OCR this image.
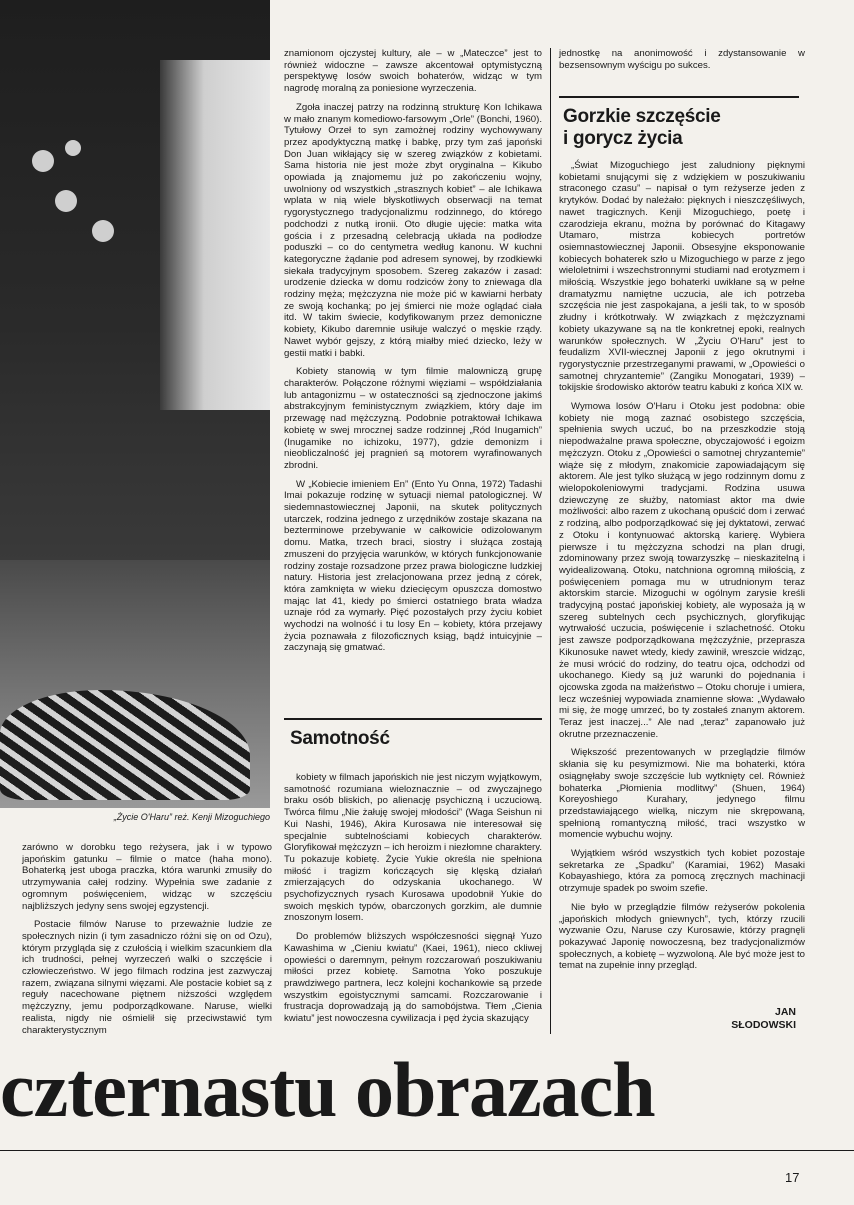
„Życie O'Haru” reż. Kenji Mizoguchiego

zarówno w dorobku tego reżysera, jak i w typowo japońskim gatunku – filmie o matce (haha mono). Bohaterką jest uboga praczka, która warunki zmusiły do utrzymywania całej rodziny. Wypełnia swe zadanie z ogromnym poświęceniem, widząc w szczęściu najbliższych jedyny sens swojej egzystencji.

Postacie filmów Naruse to przeważnie ludzie ze społecznych nizin (i tym zasadniczo różni się on od Ozu), którym przygląda się z czułością i wielkim szacunkiem dla ich trudności, pełnej wyrzeczeń walki o szczęście i człowieczeństwo. W jego filmach rodzina jest zazwyczaj razem, związana silnymi więzami. Ale postacie kobiet są z reguły nacechowane piętnem niższości względem mężczyzny, jemu podporządkowane. Naruse, wielki realista, nigdy nie ośmielił się przeciwstawić tym charakterystycznym

znamionom ojczystej kultury, ale – w „Mateczce” jest to również widoczne – zawsze akcentował optymistyczną perspektywę losów swoich bohaterów, widząc w tym nagrodę moralną za poniesione wyrzeczenia.

Zgoła inaczej patrzy na rodzinną strukturę Kon Ichikawa w mało znanym komediowo-farsowym „Orle” (Bonchi, 1960). Tytułowy Orzeł to syn zamożnej rodziny wychowywany przez apodyktyczną matkę i babkę, przy tym zaś japoński Don Juan wikłający się w szereg związków z kobietami. Sama historia nie jest może zbyt oryginalna – Kikubo opowiada ją znajomemu już po zakończeniu wojny, uwolniony od wszystkich „strasznych kobiet” – ale Ichikawa wplata w nią wiele błyskotliwych obserwacji na temat rygorystycznego tradycjonalizmu rodzinnego, do którego podchodzi z nutką ironii. Oto długie ujęcie: matka wita gościa i z przesadną celebracją układa na podłodze poduszki – co do centymetra według kanonu. W kuchni kategoryczne żądanie pod adresem synowej, by rzodkiewki siekała tradycyjnym sposobem. Szereg zakazów i zasad: urodzenie dziecka w domu rodziców żony to zniewaga dla rodziny męża; mężczyzna nie może pić w kawiarni herbaty ze swoją kochanką; po jej śmierci nie może oglądać ciała itd. W takim świecie, kodyfikowanym przez demoniczne kobiety, Kikubo daremnie usiłuje walczyć o męskie rządy. Nawet wybór gejszy, z którą miałby mieć dziecko, leży w gestii matki i babki.

Kobiety stanowią w tym filmie malowniczą grupę charakterów. Połączone różnymi więziami – współdziałania lub antagonizmu – w ostateczności są zjednoczone jakimś abstrakcyjnym feministycznym związkiem, który daje im przewagę nad mężczyzną. Podobnie potraktował Ichikawa kobietę w swej mrocznej sadze rodzinnej „Ród Inugamich” (Inugamike no ichizoku, 1977), gdzie demonizm i nieobliczalność jej pragnień są motorem wyrafinowanych zbrodni.

W „Kobiecie imieniem En” (Ento Yu Onna, 1972) Tadashi Imai pokazuje rodzinę w sytuacji niemal patologicznej. W siedemnastowiecznej Japonii, na skutek politycznych utarczek, rodzina jednego z urzędników zostaje skazana na bezterminowe przebywanie w całkowicie odizolowanym domu. Matka, trzech braci, siostry i służąca zostają zmuszeni do przyjęcia warunków, w których funkcjonowanie rodziny zostaje rozsadzone przez prawa biologiczne ludzkiej natury. Historia jest zrelacjonowana przez jedną z córek, która zamknięta w wieku dziecięcym opuszcza domostwo mając lat 41, kiedy po śmierci ostatniego brata władza uznaje ród za wymarły. Pięć pozostałych przy życiu kobiet wychodzi na wolność i tu losy En – kobiety, która przejawy życia poznawała z filozoficznych ksiąg, bądź intuicyjnie – zaczynają się gmatwać.

Samotność

kobiety w filmach japońskich nie jest niczym wyjątkowym, samotność rozumiana wieloznacznie – od zwyczajnego braku osób bliskich, po alienację psychiczną i uczuciową. Twórca filmu „Nie żałuję swojej młodości” (Waga Seishun ni Kui Nashi, 1946), Akira Kurosawa nie interesował się specjalnie subtelnościami kobiecych charakterów. Gloryfikował mężczyzn – ich heroizm i niezłomne charaktery. Tu pokazuje kobietę. Życie Yukie określa nie spełniona miłość i tragizm kończących się klęską działań zmierzających do odzyskania ukochanego. W psychofizycznych rysach Kurosawa upodobnił Yukie do swoich męskich typów, obarczonych gorzkim, ale dumnie znoszonym losem.

Do problemów bliższych współczesności sięgnął Yuzo Kawashima w „Cieniu kwiatu” (Kaei, 1961), nieco ckliwej opowieści o daremnym, pełnym rozczarowań poszukiwaniu miłości przez kobietę. Samotna Yoko poszukuje prawdziwego partnera, lecz kolejni kochankowie są przede wszystkim egoistycznymi samcami. Rozczarowanie i frustracja doprowadzają ją do samobójstwa. Tłem „Cienia kwiatu” jest nowoczesna cywilizacja i pęd życia skazujący

jednostkę na anonimowość i zdystansowanie w bezsensownym wyścigu po sukces.

Gorzkie szczęście
i gorycz życia

„Świat Mizoguchiego jest zaludniony pięknymi kobietami snującymi się z wdziękiem w poszukiwaniu straconego czasu” – napisał o tym reżyserze jeden z krytyków. Dodać by należało: pięknych i nieszczęśliwych, nawet tragicznych. Kenji Mizoguchiego, poetę i czarodzieja ekranu, można by porównać do Kitagawy Utamaro, mistrza kobiecych portretów osiemnastowiecznej Japonii. Obsesyjne eksponowanie kobiecych bohaterek szło u Mizoguchiego w parze z jego wieloletnimi i wszechstronnymi studiami nad erotyzmem i miłością. Wszystkie jego bohaterki uwikłane są w pełne dramatyzmu namiętne uczucia, ale ich potrzeba szczęścia nie jest zaspokajana, a jeśli tak, to w sposób złudny i krótkotrwały. W związkach z mężczyznami kobiety ukazywane są na tle konkretnej epoki, realnych warunków społecznych. W „Życiu O'Haru” jest to feudalizm XVII-wiecznej Japonii z jego okrutnymi i rygorystycznie przestrzeganymi prawami, w „Opowieści o samotnej chryzantemie” (Zangiku Monogatari, 1939) – tokijskie środowisko aktorów teatru kabuki z końca XIX w.

Wymowa losów O'Haru i Otoku jest podobna: obie kobiety nie mogą zaznać osobistego szczęścia, spełnienia swych uczuć, bo na przeszkodzie stoją niepodważalne prawa społeczne, obyczajowość i egoizm mężczyzn. Otoku z „Opowieści o samotnej chryzantemie” wiąże się z młodym, znakomicie zapowiadającym się aktorem. Ale jest tylko służącą w jego rodzinnym domu z wielopokoleniowymi tradycjami. Rodzina usuwa dziewczynę ze służby, natomiast aktor ma dwie możliwości: albo razem z ukochaną opuścić dom i zerwać z rodziną, albo podporządkować się jej dyktatowi, zerwać z Otoku i kontynuować aktorską karierę. Wybiera pierwsze i tu mężczyzna schodzi na plan drugi, zdominowany przez swoją towarzyszkę – nieskazitelną i wyidealizowaną. Otoku, natchniona ogromną miłością, z poświęceniem pomaga mu w utrudnionym teraz aktorskim starcie. Mizoguchi w ogólnym zarysie kreśli tradycyjną postać japońskiej kobiety, ale wyposaża ją w szereg subtelnych cech psychicznych, gloryfikując wytrwałość uczucia, poświęcenie i szlachetność. Otoku jest zawsze podporządkowana mężczyźnie, przeprasza Kikunosuke nawet wtedy, kiedy zawinił, wreszcie widząc, że musi wrócić do rodziny, do teatru ojca, odchodzi od ukochanego. Kiedy są już warunki do pojednania i ojcowska zgoda na małżeństwo – Otoku choruje i umiera, lecz wcześniej wypowiada znamienne słowa: „Wydawało mi się, że mogę umrzeć, bo ty zostałeś znanym aktorem. Teraz jest inaczej...” Ale nad „teraz” zapanowało już okrutne przeznaczenie.

Większość prezentowanych w przeglądzie filmów skłania się ku pesymizmowi. Nie ma bohaterki, która osiągnęłaby swoje szczęście lub wytknięty cel. Również bohaterka „Płomienia modlitwy” (Shuen, 1964) Koreyoshiego Kurahary, jedynego filmu przedstawiającego wielką, niczym nie skrępowaną, spełnioną romantyczną miłość, traci wszystko w momencie wybuchu wojny.

Wyjątkiem wśród wszystkich tych kobiet pozostaje sekretarka ze „Spadku” (Karamiai, 1962) Masaki Kobayashiego, która za pomocą zręcznych machinacji otrzymuje spadek po swoim szefie.

Nie było w przeglądzie filmów reżyserów pokolenia „japońskich młodych gniewnych”, tych, którzy rzucili wyzwanie Ozu, Naruse czy Kurosawie, którzy pragnęli pokazywać Japonię nowoczesną, bez tradycjonalizmów społecznych, a kobietę – wyzwoloną. Ale być może jest to temat na zupełnie inny przegląd.

JAN
SŁODOWSKI
czternastu obrazach
17
